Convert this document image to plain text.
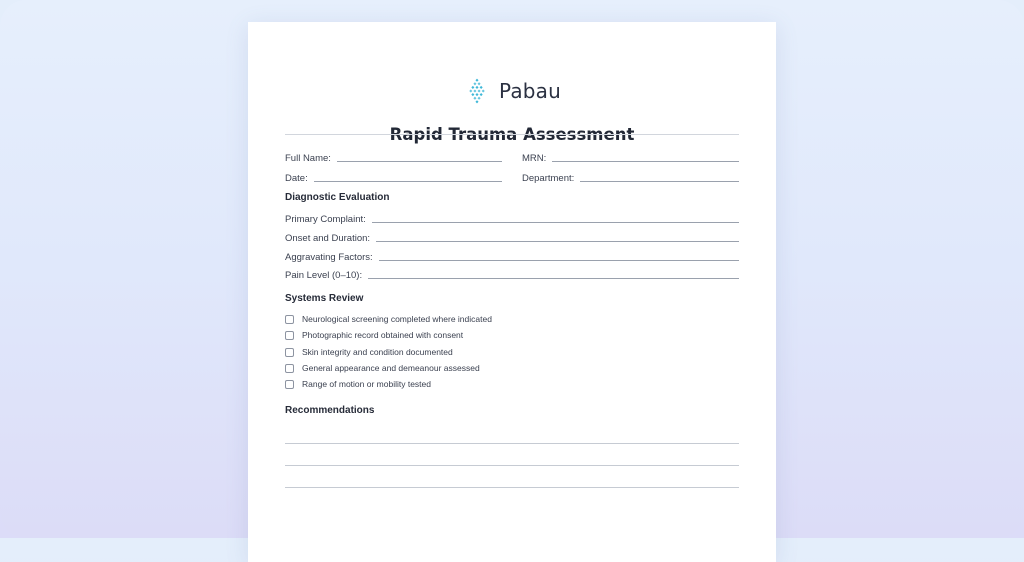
Pabau
Rapid Trauma Assessment
Full Name:	MRN:
Date:	Department:
Diagnostic Evaluation
Primary Complaint:
Onset and Duration:
Aggravating Factors:
Pain Level (0–10):
Systems Review
Neurological screening completed where indicated
Photographic record obtained with consent
Skin integrity and condition documented
General appearance and demeanour assessed
Range of motion or mobility tested
Recommendations
